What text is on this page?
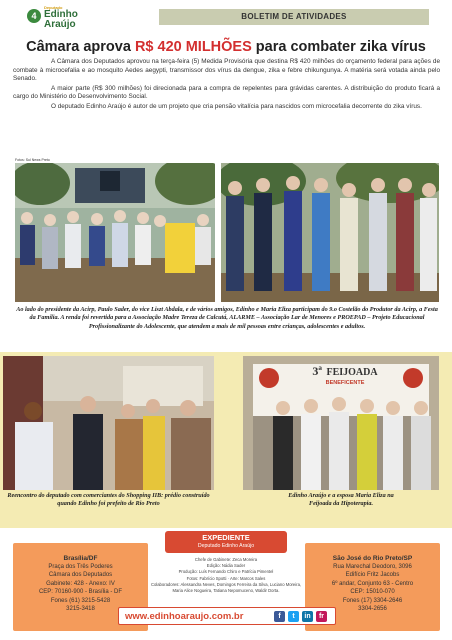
4
Deputado
Edinho
Araújo
BOLETIM DE ATIVIDADES
Câmara aprova R$ 420 MILHÕES para combater zika vírus

A Câmara dos Deputados aprovou na terça-feira (5) Medida Provisória que destina R$ 420 milhões do orçamento federal para ações de combate à microcefalia e ao mosquito Aedes aegypti, transmissor dos vírus da dengue, zika e febre chikungunya. A matéria será votada ainda pelo Senado.

A maior parte (R$ 300 milhões) foi direcionada para a compra de repelentes para grávidas carentes. A distribuição do produto ficará a cargo do Ministério do Desenvolvimento Social.

O deputado Edinho Araújo é autor de um projeto que cria pensão vitalícia para nascidos com microcefalia decorrente do zika vírus.

Fotos: Sul News Preto
Ao lado do presidente da Acirp, Paulo Sader, do vice Liszt Abdala, e de vários amigos, Edinho e Maria Eliza participam do 9.o Costelão do Produtor da Acirp, a Festa da Família. A renda foi revertida para a Associação Madre Tereza de Calcutá, ALARME – Associação Lar de Menores e PROEPAD – Projeto Educacional Profissionalizante do Adolescente, que atendem a mais de mil pessoas entre crianças, adolescentes e adultos.
3ª FEIJOADA
BENEFICENTE
Reencontro do deputado com comerciantes do Shopping IIB: prédio construído quando Edinho foi prefeito de Rio Preto
Edinho Araújo e a esposa Maria Eliza na Feijoada da Hipoterapia.
Brasília/DF
Praça dos Três Poderes
Câmara dos Deputados
Gabinete: 428 - Anexo: IV
CEP: 70160-900 - Brasília - DF
Fones (61) 3215-5428
3215-3418
São José do Rio Preto/SP
Rua Marechal Deodoro, 3096
Edifício Fritz Jacobs
6º andar, Conjunto 63 - Centro
CEP: 15010-070
Fones (17) 3304-2646
3304-2656
EXPEDIENTE
Deputado Edinho Araújo
Chefe de Gabinete: Zeca Moreira
Edição: Nádia Sader
Produção: Luís Fernando Chiro e Patrícia Pimentel
Fotos: Fabrício Spotti · Arte: Marcos Sales
Colaboradores: Alessandra Neves, Domingos Ferreira da Silva, Luciano Moreira, Maria Alice Nogueira, Tatiana Nepomuceno, Waldir Dorta.
www.edinhoaraujo.com.br	f	t	in	fr
